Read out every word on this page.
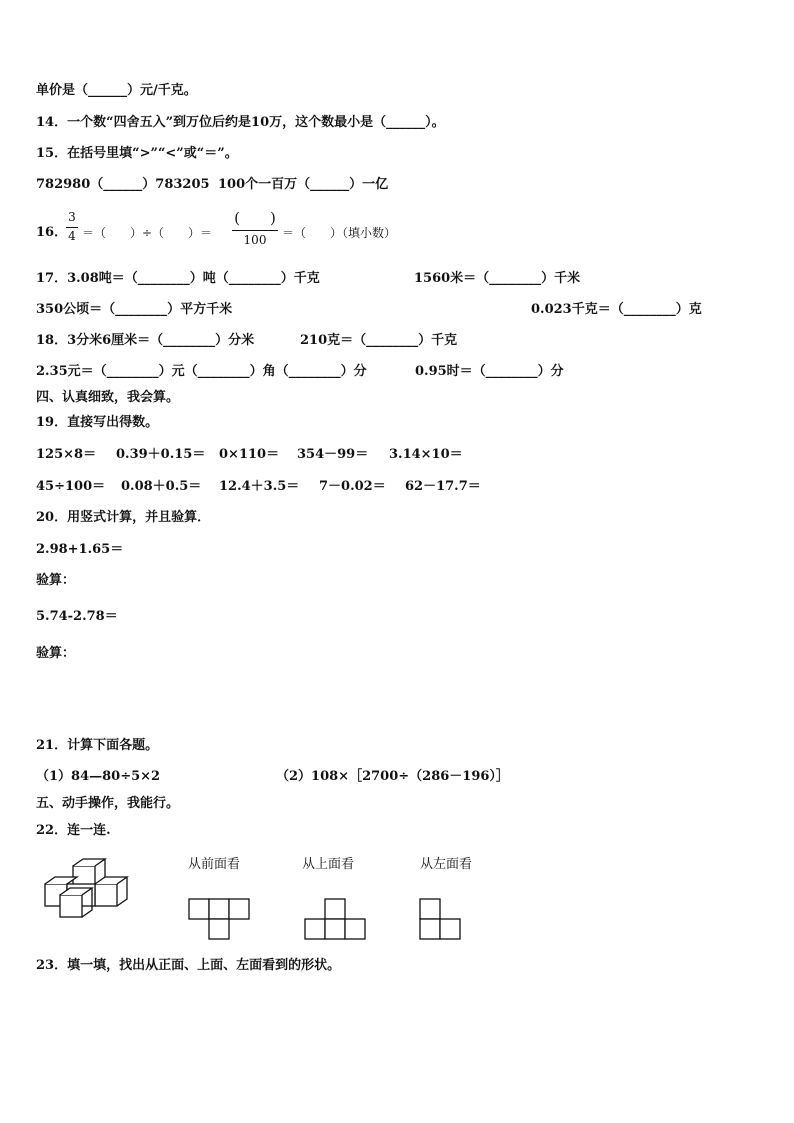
单价是（______）元/千克。
14．一个数“四舍五入”到万位后约是10万，这个数最小是（______）。
15．在括号里填“>”“<”或“＝”。
782980（______）783205 100个一百万（______）一亿
16．
3
4 ＝（　　）÷（　　）＝
(　　)
100	＝（　　）（填小数）
17．3.08吨＝（________）吨（________）千克	1560米＝（________）千米
350公顷＝（________）平方千米	0.023千克＝（________）克
18．3分米6厘米＝（________）分米	210克＝（________）千克
2.35元＝（________）元（________）角（________）分	0.95时＝（________）分
四、认真细致，我会算。
19．直接写出得数。
125×8＝ 0.39＋0.15＝ 0×110＝ 354－99＝ 3.14×10＝
45÷100＝ 0.08＋0.5＝ 12.4＋3.5＝ 7－0.02＝ 62－17.7＝
20．用竖式计算，并且验算．
2.98+1.65＝
验算：
5.74-2.78＝
验算：
21．计算下面各题。
（1）84—80÷5×2	（2）108×［2700÷（286－196）］
五、动手操作，我能行。
22．连一连.
从前面看	从上面看	从左面看
23．填一填，找出从正面、上面、左面看到的形状。
